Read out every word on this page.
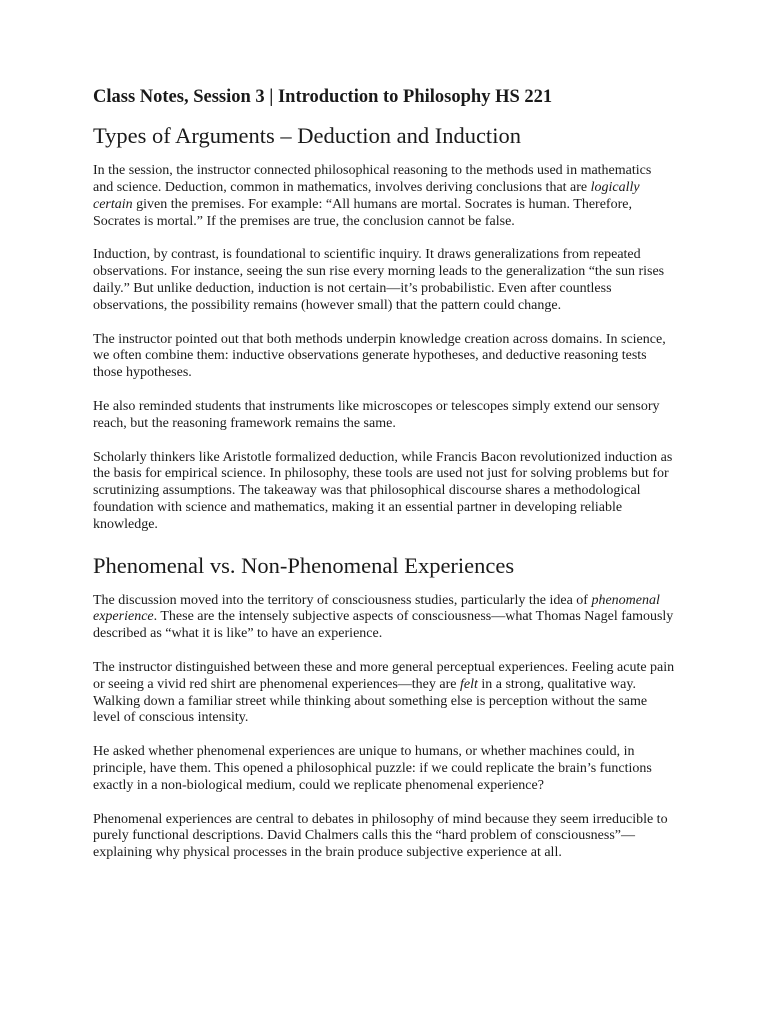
Class Notes, Session 3 | Introduction to Philosophy HS 221
Types of Arguments – Deduction and Induction

In the session, the instructor connected philosophical reasoning to the methods used in mathematics and science. Deduction, common in mathematics, involves deriving conclusions that are logically certain given the premises. For example: “All humans are mortal. Socrates is human. Therefore, Socrates is mortal.” If the premises are true, the conclusion cannot be false.

Induction, by contrast, is foundational to scientific inquiry. It draws generalizations from repeated observations. For instance, seeing the sun rise every morning leads to the generalization “the sun rises daily.” But unlike deduction, induction is not certain—it’s probabilistic. Even after countless observations, the possibility remains (however small) that the pattern could change.

The instructor pointed out that both methods underpin knowledge creation across domains. In science, we often combine them: inductive observations generate hypotheses, and deductive reasoning tests those hypotheses.

He also reminded students that instruments like microscopes or telescopes simply extend our sensory reach, but the reasoning framework remains the same.

Scholarly thinkers like Aristotle formalized deduction, while Francis Bacon revolutionized induction as the basis for empirical science. In philosophy, these tools are used not just for solving problems but for scrutinizing assumptions. The takeaway was that philosophical discourse shares a methodological foundation with science and mathematics, making it an essential partner in developing reliable knowledge.

Phenomenal vs. Non-Phenomenal Experiences

The discussion moved into the territory of consciousness studies, particularly the idea of phenomenal experience. These are the intensely subjective aspects of consciousness—what Thomas Nagel famously described as “what it is like” to have an experience.

The instructor distinguished between these and more general perceptual experiences. Feeling acute pain or seeing a vivid red shirt are phenomenal experiences—they are felt in a strong, qualitative way. Walking down a familiar street while thinking about something else is perception without the same level of conscious intensity.

He asked whether phenomenal experiences are unique to humans, or whether machines could, in principle, have them. This opened a philosophical puzzle: if we could replicate the brain’s functions exactly in a non-biological medium, could we replicate phenomenal experience?

Phenomenal experiences are central to debates in philosophy of mind because they seem irreducible to purely functional descriptions. David Chalmers calls this the “hard problem of consciousness”—explaining why physical processes in the brain produce subjective experience at all.
